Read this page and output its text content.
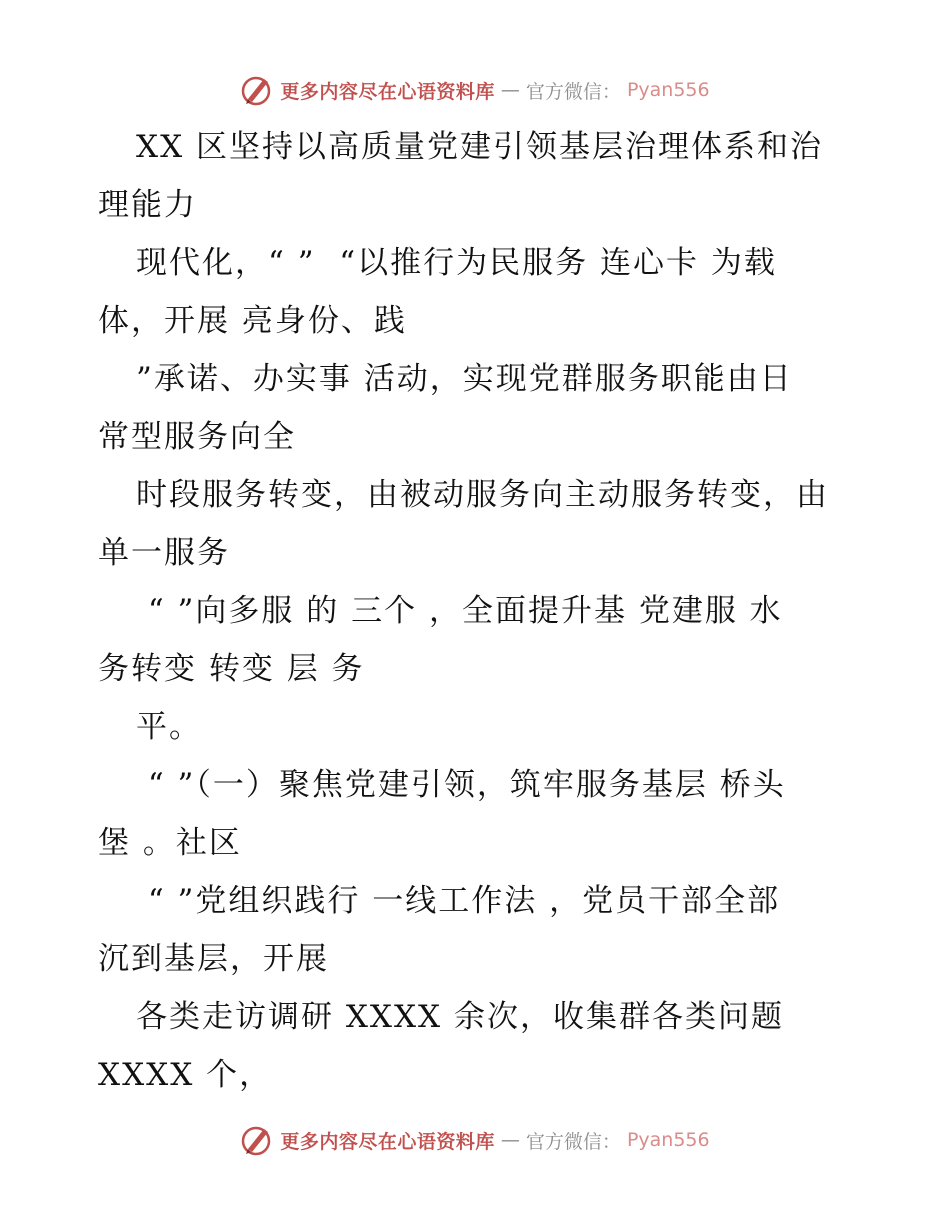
更多内容尽在心语资料库 — 官方微信： Pyan556

XX 区坚持以高质量党建引领基层治理体系和治

理能力

现代化，“ ”  “以推行为民服务 连心卡 为载

体，开展 亮身份、践

”承诺、办实事 活动，实现党群服务职能由日

常型服务向全

时段服务转变，由被动服务向主动服务转变，由

单一服务

“ ”向多服 的 三个 ，全面提升基 党建服 水

务转变 转变 层 务

平。

“ ”（一）聚焦党建引领，筑牢服务基层 桥头

堡 。社区

“ ”党组织践行 一线工作法 ，党员干部全部

沉到基层，开展

各类走访调研 XXXX 余次，收集群各类问题

XXXX 个，

更多内容尽在心语资料库 — 官方微信： Pyan556
